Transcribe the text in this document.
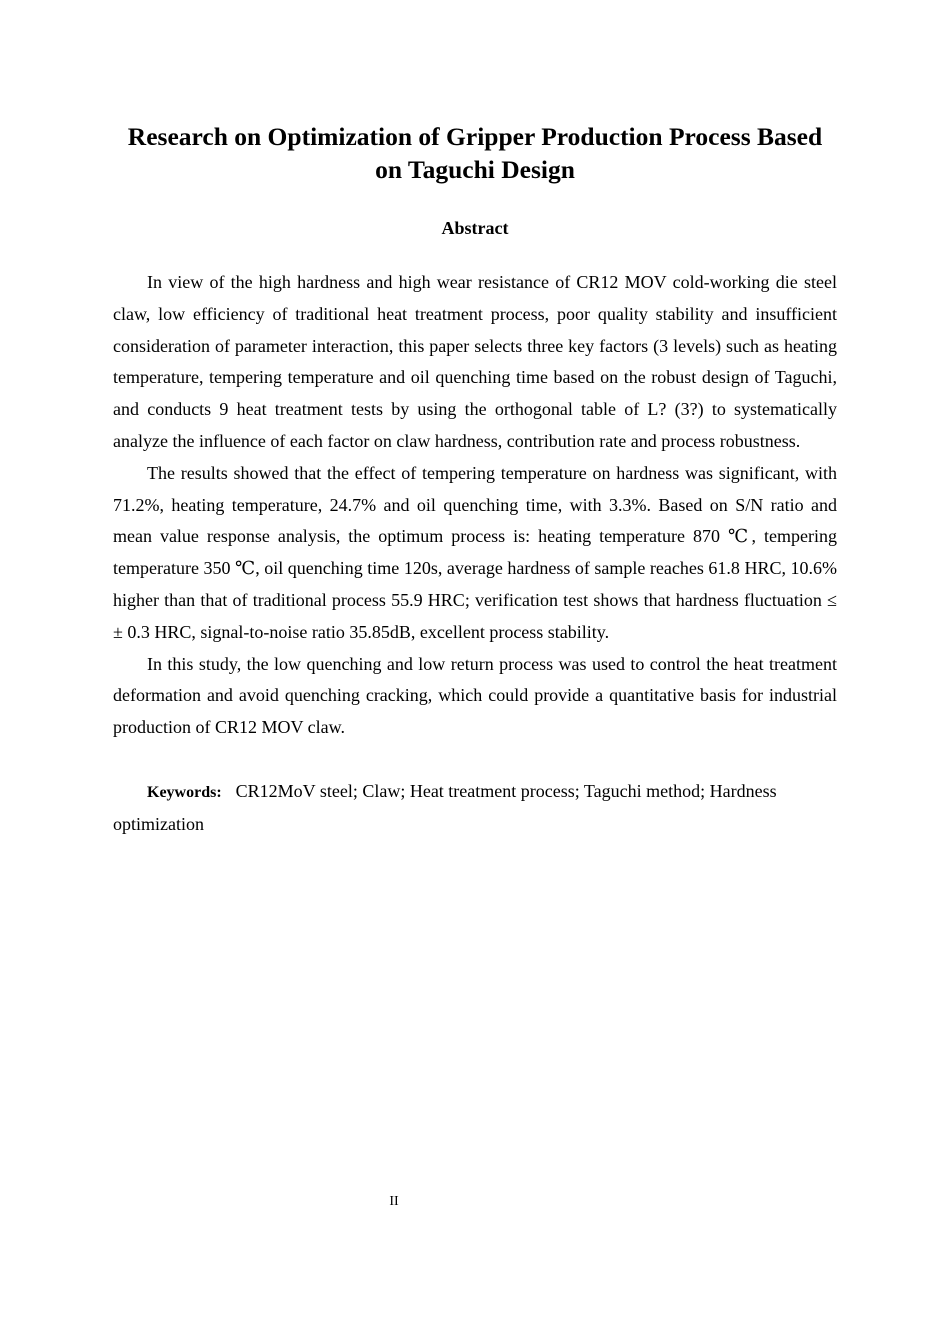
Research on Optimization of Gripper Production Process Based on Taguchi Design
Abstract

In view of the high hardness and high wear resistance of CR12 MOV cold-working die steel claw, low efficiency of traditional heat treatment process, poor quality stability and insufficient consideration of parameter interaction, this paper selects three key factors (3 levels) such as heating temperature, tempering temperature and oil quenching time based on the robust design of Taguchi, and conducts 9 heat treatment tests by using the orthogonal table of L? (3?) to systematically analyze the influence of each factor on claw hardness, contribution rate and process robustness.

The results showed that the effect of tempering temperature on hardness was significant, with 71.2%, heating temperature, 24.7% and oil quenching time, with 3.3%. Based on S/N ratio and mean value response analysis, the optimum process is: heating temperature 870 ℃, tempering temperature 350 ℃, oil quenching time 120s, average hardness of sample reaches 61.8 HRC, 10.6% higher than that of traditional process 55.9 HRC; verification test shows that hardness fluctuation ≤ ± 0.3 HRC, signal-to-noise ratio 35.85dB, excellent process stability.

In this study, the low quenching and low return process was used to control the heat treatment deformation and avoid quenching cracking, which could provide a quantitative basis for industrial production of CR12 MOV claw.

Keywords: CR12MoV steel; Claw; Heat treatment process; Taguchi method; Hardness optimization
II
